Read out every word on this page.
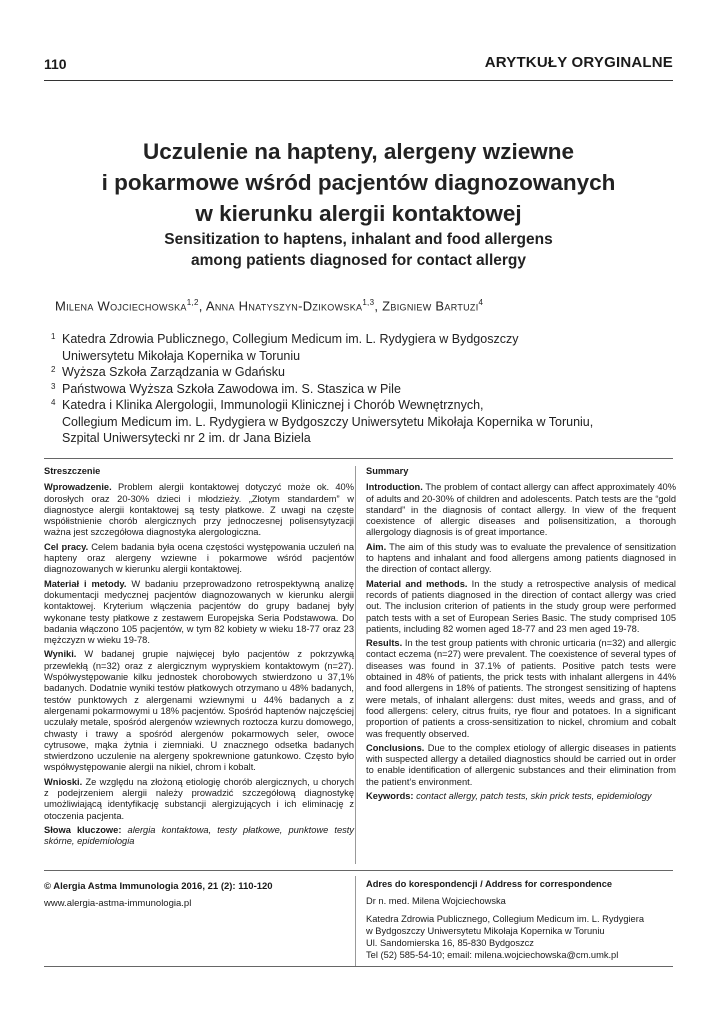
110	ARYTKUŁY ORYGINALNE
Uczulenie na hapteny, alergeny wziewne
i pokarmowe wśród pacjentów diagnozowanych
w kierunku alergii kontaktowej
Sensitization to haptens, inhalant and food allergens
among patients diagnosed for contact allergy
Milena Wojciechowska$^{1,2}$, Anna Hnatyszyn-Dzikowska$^{1,3}$, Zbigniew Bartuzi$^4$
1 Katedra Zdrowia Publicznego, Collegium Medicum im. L. Rydygiera w Bydgoszczy
Uniwersytetu Mikołaja Kopernika w Toruniu
2 Wyższa Szkoła Zarządzania w Gdańsku
3 Państwowa Wyższa Szkoła Zawodowa im. S. Staszica w Pile
4 Katedra i Klinika Alergologii, Immunologii Klinicznej i Chorób Wewnętrznych,
Collegium Medicum im. L. Rydygiera w Bydgoszczy Uniwersytetu Mikołaja Kopernika w Toruniu,
Szpital Uniwersytecki nr 2 im. dr Jana Biziela
Streszczenie

Wprowadzenie. Problem alergii kontaktowej dotyczyć może ok. 40% dorosłych oraz 20-30% dzieci i młodzieży. „Złotym standardem” w diagnostyce alergii kontaktowej są testy płatkowe. Z uwagi na częste współistnienie chorób alergicznych przy jednoczesnej polisensytyzacji ważna jest szczegółowa diagnostyka alergologiczna.

Cel pracy. Celem badania była ocena częstości występowania uczuleń na hapteny oraz alergeny wziewne i pokarmowe wśród pacjentów diagnozowanych w kierunku alergii kontaktowej.

Materiał i metody. W badaniu przeprowadzono retrospektywną analizę dokumentacji medycznej pacjentów diagnozowanych w kierunku alergii kontaktowej. Kryterium włączenia pacjentów do grupy badanej były wykonane testy płatkowe z zestawem Europejska Seria Podstawowa. Do badania włączono 105 pacjentów, w tym 82 kobiety w wieku 18-77 oraz 23 mężczyzn w wieku 19-78.

Wyniki. W badanej grupie najwięcej było pacjentów z pokrzywką przewlekłą (n=32) oraz z alergicznym wypryskiem kontaktowym (n=27). Współwystępowanie kilku jednostek chorobowych stwierdzono u 37,1% badanych. Dodatnie wyniki testów płatkowych otrzymano u 48% badanych, testów punktowych z alergenami wziewnymi u 44% badanych a z alergenami pokarmowymi u 18% pacjentów. Spośród haptenów najczęściej uczulały metale, spośród alergenów wziewnych roztocza kurzu domowego, chwasty i trawy a spośród alergenów pokarmowych seler, owoce cytrusowe, mąka żytnia i ziemniaki. U znacznego odsetka badanych stwierdzono uczulenie na alergeny spokrewnione gatunkowo. Często było współwystępowanie alergii na nikiel, chrom i kobalt.

Wnioski. Ze względu na złożoną etiologię chorób alergicznych, u chorych z podejrzeniem alergii należy prowadzić szczegółową diagnostykę umożliwiającą identyfikację substancji alergizujących i ich eliminację z otoczenia pacjenta.

Słowa kluczowe: alergia kontaktowa, testy płatkowe, punktowe testy skórne, epidemiologia

Summary

Introduction. The problem of contact allergy can affect approximately 40% of adults and 20-30% of children and adolescents. Patch tests are the “gold standard” in the diagnosis of contact allergy. In view of the frequent coexistence of allergic diseases and polisensitization, a thorough allergology diagnosis is of great importance.

Aim. The aim of this study was to evaluate the prevalence of sensitization to haptens and inhalant and food allergens among patients diagnosed in the direction of contact allergy.

Material and methods. In the study a retrospective analysis of medical records of patients diagnosed in the direction of contact allergy was cried out. The inclusion criterion of patients in the study group were performed patch tests with a set of European Series Basic. The study comprised 105 patients, including 82 women aged 18-77 and 23 men aged 19-78.

Results. In the test group patients with chronic urticaria (n=32) and allergic contact eczema (n=27) were prevalent. The coexistence of several types of diseases was found in 37.1% of patients. Positive patch tests were obtained in 48% of patients, the prick tests with inhalant allergens in 44% and food allergens in 18% of patients. The strongest sensitizing of haptens were metals, of inhalant allergens: dust mites, weeds and grass, and of food allergens: celery, citrus fruits, rye flour and potatoes. In a significant proportion of patients a cross-sensitization to nickel, chromium and cobalt was frequently observed.

Conclusions. Due to the complex etiology of allergic diseases in patients with suspected allergy a detailed diagnostics should be carried out in order to enable identification of allergenic substances and their elimination from the patient’s environment.

Keywords: contact allergy, patch tests, skin prick tests, epidemiology

© Alergia Astma Immunologia 2016, 21 (2): 110-120
www.alergia-astma-immunologia.pl
Adres do korespondencji / Address for correspondence
Dr n. med. Milena Wojciechowska
Katedra Zdrowia Publicznego, Collegium Medicum im. L. Rydygiera
w Bydgoszczy Uniwersytetu Mikołaja Kopernika w Toruniu
Ul. Sandomierska 16, 85-830 Bydgoszcz
Tel (52) 585-54-10; email: milena.wojciechowska@cm.umk.pl
